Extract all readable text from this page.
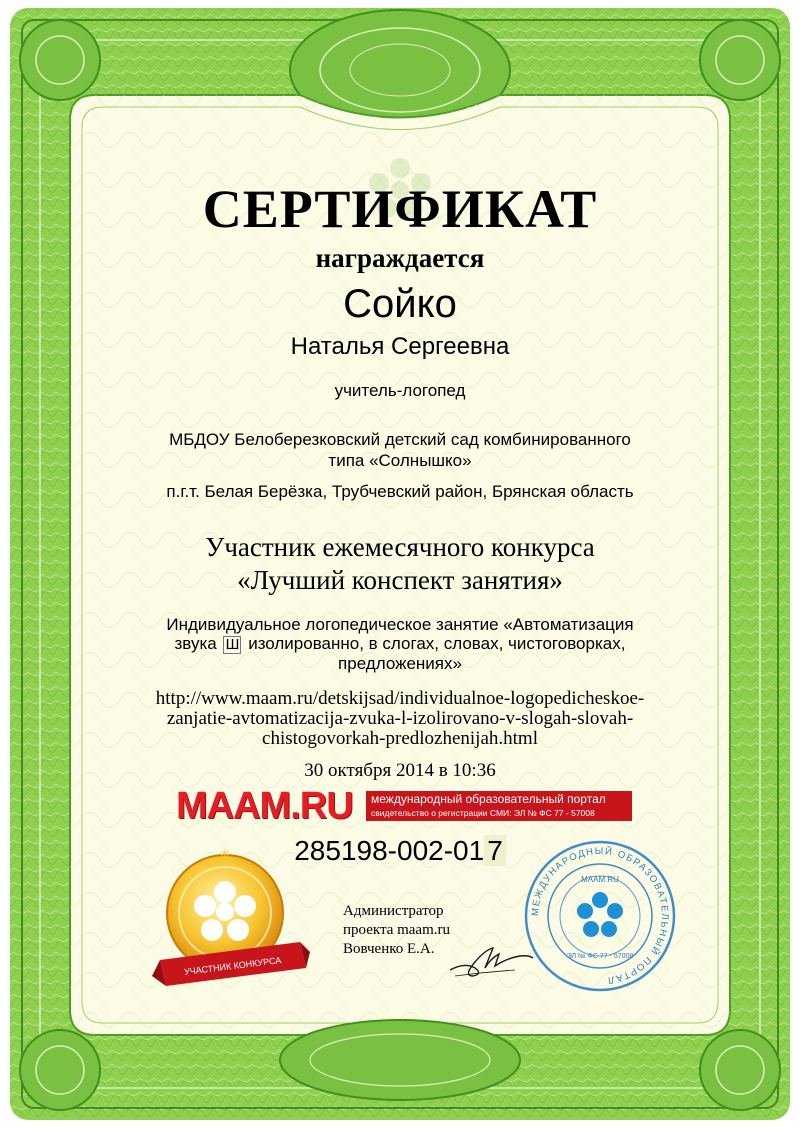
СЕРТИФИКАТ
награждается
Сойко
Наталья Сергеевна
учитель-логопед
МБДОУ Белоберезковский детский сад комбинированного
типа «Солнышко»
п.г.т. Белая Берёзка, Трубчевский район, Брянская область
Участник ежемесячного конкурса
«Лучший конспект занятия»
Индивидуальное логопедическое занятие «Автоматизация
звука Ш изолированно, в слогах, словах, чистоговорках,
предложениях»
http://www.maam.ru/detskijsad/individualnoe-logopedicheskoe-
zanjatie-avtomatizacija-zvuka-l-izolirovano-v-slogah-slovah-
chistogovorkah-predlozhenijah.html
30 октября 2014 в 10:36
MAAM.RU международный образовательный портал
свидетельство о регистрации СМИ: ЭЛ № ФС 77 - 57008
285198-002-01 7
*
УЧАСТНИК КОНКУРСА
Администратор
проекта maam.ru
Вовченко Е.А.
МЕЖДУНАРОДНЫЙ ОБРАЗОВАТЕЛЬНЫЙ ПОРТАЛ
MAAM.RU
ЭЛ № ФС 77 - 57008
